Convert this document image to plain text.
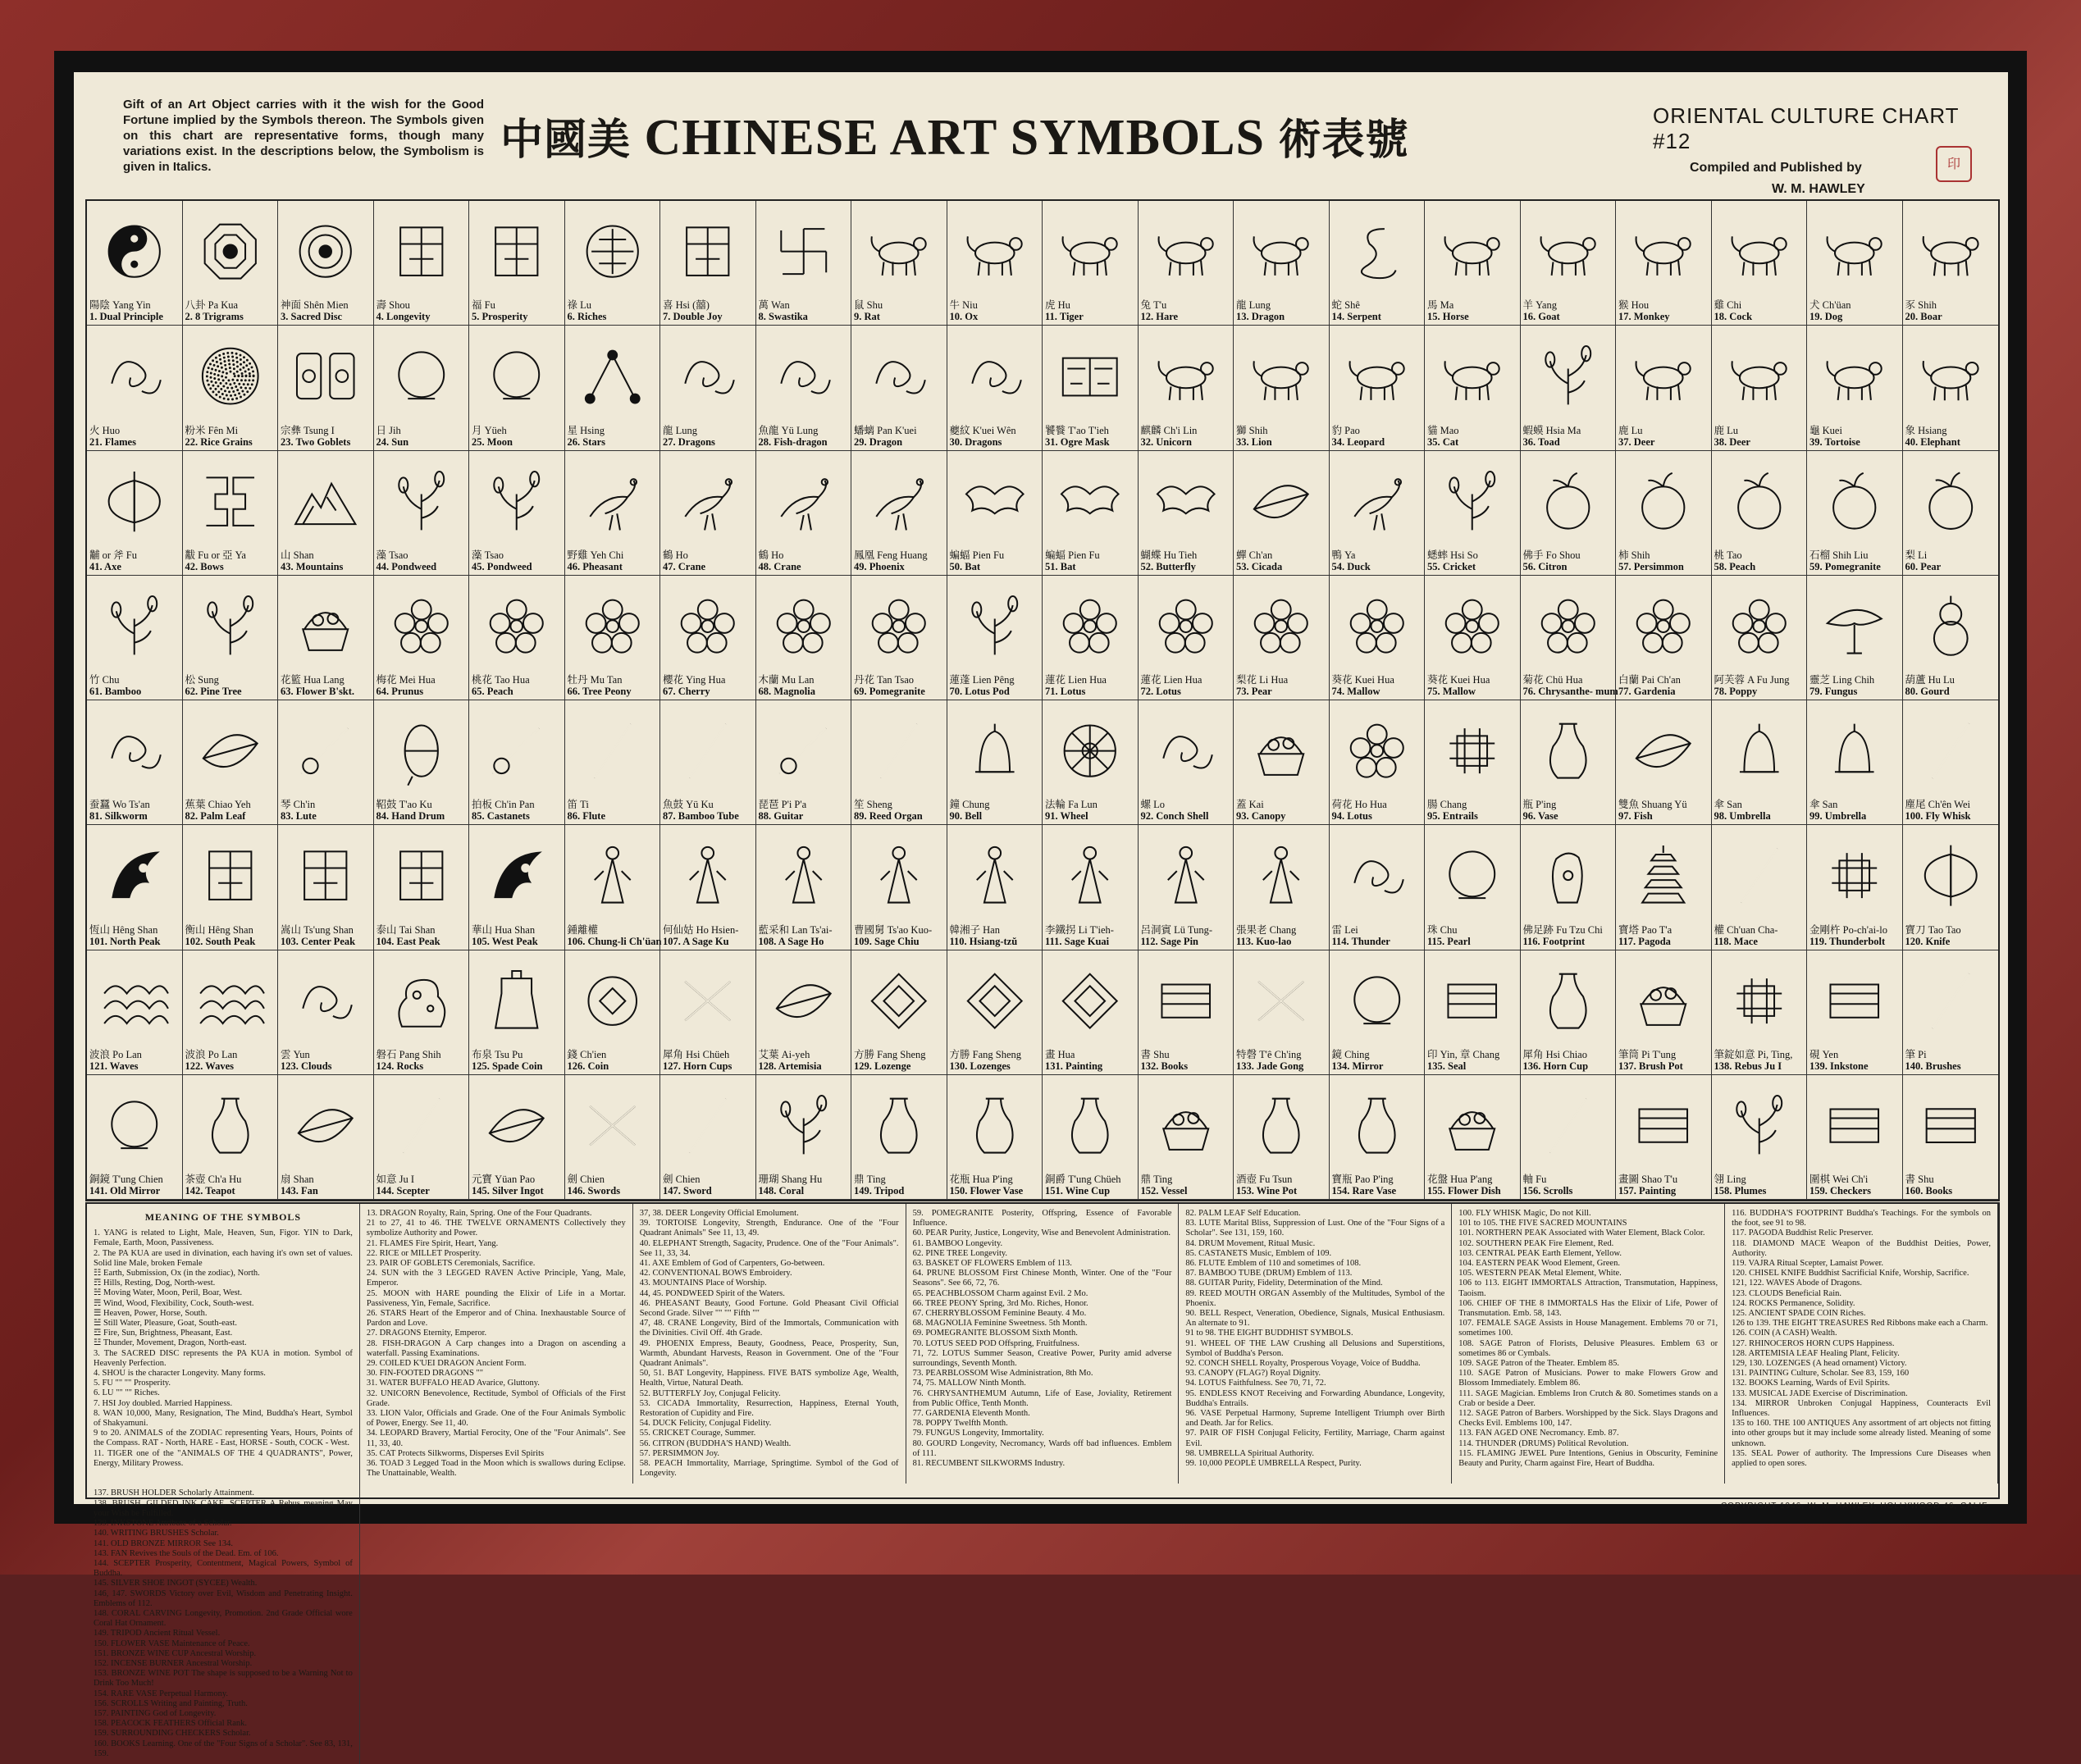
Gift of an Art Object carries with it the wish for the Good Fortune implied by the Symbols thereon. The Symbols given on this chart are representative forms, though many variations exist. In the descriptions below, the Symbolism is given in Italics.
中國美 CHINESE ART SYMBOLS 術表號	ORIENTAL CULTURE CHART #12
Compiled and Published by
W. M. HAWLEY
印
陽陰 Yang Yin
1. Dual Principle
八卦 Pa Kua
2. 8 Trigrams
神面 Shên Mien
3. Sacred Disc
壽 Shou
4. Longevity
福 Fu
5. Prosperity
祿 Lu
6. Riches
喜 Hsi (囍)
7. Double Joy
萬 Wan
8. Swastika
鼠 Shu
9. Rat
牛 Niu
10. Ox
虎 Hu
11. Tiger
兔 T'u
12. Hare
龍 Lung
13. Dragon
蛇 Shê
14. Serpent
馬 Ma
15. Horse
羊 Yang
16. Goat
猴 Hou
17. Monkey
雞 Chi
18. Cock
犬 Ch'üan
19. Dog
豕 Shih
20. Boar
火 Huo
21. Flames
粉米 Fên Mi
22. Rice Grains
宗彝 Tsung I
23. Two Goblets
日 Jih
24. Sun
月 Yüeh
25. Moon
星 Hsing
26. Stars
龍 Lung
27. Dragons
魚龍 Yü Lung
28. Fish-dragon
蟠螭 Pan K'uei
29. Dragon
夔紋 K'uei Wên
30. Dragons
饕餮 T'ao T'ieh
31. Ogre Mask
麒麟 Ch'i Lin
32. Unicorn
獅 Shih
33. Lion
豹 Pao
34. Leopard
貓 Mao
35. Cat
蝦蟆 Hsia Ma
36. Toad
鹿 Lu
37. Deer
鹿 Lu
38. Deer
龜 Kuei
39. Tortoise
象 Hsiang
40. Elephant
黼 or 斧 Fu
41. Axe
黻 Fu or 亞 Ya
42. Bows
山 Shan
43. Mountains
藻 Tsao
44. Pondweed
藻 Tsao
45. Pondweed
野雞 Yeh Chi
46. Pheasant
鶴 Ho
47. Crane
鶴 Ho
48. Crane
鳳凰 Feng Huang
49. Phoenix
蝙蝠 Pien Fu
50. Bat
蝙蝠 Pien Fu
51. Bat
蝴蝶 Hu Tieh
52. Butterfly
蟬 Ch'an
53. Cicada
鴨 Ya
54. Duck
蟋蟀 Hsi So
55. Cricket
佛手 Fo Shou
56. Citron
柿 Shih
57. Persimmon
桃 Tao
58. Peach
石榴 Shih Liu
59. Pomegranite
梨 Li
60. Pear
竹 Chu
61. Bamboo
松 Sung
62. Pine Tree
花籃 Hua Lang
63. Flower B'skt.
梅花 Mei Hua
64. Prunus
桃花 Tao Hua
65. Peach
牡丹 Mu Tan
66. Tree Peony
櫻花 Ying Hua
67. Cherry
木蘭 Mu Lan
68. Magnolia
丹花 Tan Tsao
69. Pomegranite
蓮蓬 Lien Pêng
70. Lotus Pod
蓮花 Lien Hua
71. Lotus
蓮花 Lien Hua
72. Lotus
梨花 Li Hua
73. Pear
葵花 Kuei Hua
74. Mallow
葵花 Kuei Hua
75. Mallow
菊花 Chü Hua
76. Chrysanthe- mum
白蘭 Pai Ch'an
77. Gardenia
阿芙蓉 A Fu Jung
78. Poppy
靈芝 Ling Chih
79. Fungus
葫蘆 Hu Lu
80. Gourd
蚕蠶 Wo Ts'an
81. Silkworm
蕉葉 Chiao Yeh
82. Palm Leaf
琴 Ch'in
83. Lute
鞀鼓 T'ao Ku
84. Hand Drum
拍板 Ch'in Pan
85. Castanets
笛 Ti
86. Flute
魚鼓 Yü Ku
87. Bamboo Tube
琵琶 P'i P'a
88. Guitar
笙 Sheng
89. Reed Organ
鐘 Chung
90. Bell
法輪 Fa Lun
91. Wheel
螺 Lo
92. Conch Shell
蓋 Kai
93. Canopy
荷花 Ho Hua
94. Lotus
腸 Chang
95. Entrails
瓶 P'ing
96. Vase
雙魚 Shuang Yü
97. Fish
傘 San
98. Umbrella
傘 San
99. Umbrella
塵尾 Ch'ên Wei
100. Fly Whisk
恆山 Hêng Shan
101. North Peak
衡山 Hêng Shan
102. South Peak
嵩山 Ts'ung Shan
103. Center Peak
泰山 Tai Shan
104. East Peak
華山 Hua Shan
105. West Peak
鍾離權
106. Chung-li Ch'üan
何仙姑 Ho Hsien-
107. A Sage Ku
藍采和 Lan Ts'ai-
108. A Sage Ho
曹國舅 Ts'ao Kuo-
109. Sage Chiu
韓湘子 Han
110. Hsiang-tzŭ
李鐵拐 Li T'ieh-
111. Sage Kuai
呂洞賓 Lü Tung-
112. Sage Pin
張果老 Chang
113. Kuo-lao
雷 Lei
114. Thunder
珠 Chu
115. Pearl
佛足跡 Fu Tzu Chi
116. Footprint
寶塔 Pao T'a
117. Pagoda
權 Ch'uan Cha-
118. Mace
金剛杵 Po-ch'ai-lo
119. Thunderbolt
寶刀 Tao Tao
120. Knife
波浪 Po Lan
121. Waves
波浪 Po Lan
122. Waves
雲 Yun
123. Clouds
磐石 Pang Shih
124. Rocks
布泉 Tsu Pu
125. Spade Coin
錢 Ch'ien
126. Coin
犀角 Hsi Chüeh
127. Horn Cups
艾葉 Ai-yeh
128. Artemisia
方勝 Fang Sheng
129. Lozenge
方勝 Fang Sheng
130. Lozenges
畫 Hua
131. Painting
書 Shu
132. Books
特磬 T'ê Ch'ing
133. Jade Gong
鏡 Ching
134. Mirror
印 Yin, 章 Chang
135. Seal
犀角 Hsi Chiao
136. Horn Cup
筆筒 Pi T'ung
137. Brush Pot
筆錠如意 Pi, Ting,
138. Rebus Ju I
硯 Yen
139. Inkstone
筆 Pi
140. Brushes
銅鏡 T'ung Chien
141. Old Mirror
茶壺 Ch'a Hu
142. Teapot
扇 Shan
143. Fan
如意 Ju I
144. Scepter
元寶 Yüan Pao
145. Silver Ingot
劍 Chien
146. Swords
劍 Chien
147. Sword
珊瑚 Shang Hu
148. Coral
鼎 Ting
149. Tripod
花瓶 Hua P'ing
150. Flower Vase
銅爵 T'ung Chüeh
151. Wine Cup
鼎 Ting
152. Vessel
酒壺 Fu Tsun
153. Wine Pot
寶瓶 Pao P'ing
154. Rare Vase
花盤 Hua P'ang
155. Flower Dish
軸 Fu
156. Scrolls
畫圖 Shao T'u
157. Painting
翎 Ling
158. Plumes
圍棋 Wei Ch'i
159. Checkers
書 Shu
160. Books

MEANING OF THE SYMBOLS

1. YANG is related to Light, Male, Heaven, Sun, Figor. YIN to Dark, Female, Earth, Moon, Passiveness.

2. The PA KUA are used in divination, each having it's own set of values. Solid line Male, broken Female

☷ Earth, Submission, Ox (in the zodiac), North.

☶ Hills, Resting, Dog, North-west.

☵ Moving Water, Moon, Peril, Boar, West.

☴ Wind, Wood, Flexibility, Cock, South-west.

☰ Heaven, Power, Horse, South.

☱ Still Water, Pleasure, Goat, South-east.

☲ Fire, Sun, Brightness, Pheasant, East.

☳ Thunder, Movement, Dragon, North-east.

3. The SACRED DISC represents the PA KUA in motion. Symbol of Heavenly Perfection.

4. SHOU is the character Longevity. Many forms.

5. FU "" "" Prosperity.

6. LU "" "" Riches.

7. HSI Joy doubled. Married Happiness.

8. WAN 10,000, Many, Resignation, The Mind, Buddha's Heart, Symbol of Shakyamuni.

9 to 20. ANIMALS of the ZODIAC representing Years, Hours, Points of the Compass. RAT - North, HARE - East, HORSE - South, COCK - West.

11. TIGER one of the "ANIMALS OF THE 4 QUADRANTS", Power, Energy, Military Prowess.

13. DRAGON Royalty, Rain, Spring. One of the Four Quadrants.

21 to 27, 41 to 46. THE TWELVE ORNAMENTS Collectively they symbolize Authority and Power.

21. FLAMES Fire Spirit, Heart, Yang.

22. RICE or MILLET Prosperity.

23. PAIR OF GOBLETS Ceremonials, Sacrifice.

24. SUN with the 3 LEGGED RAVEN Active Principle, Yang, Male, Emperor.

25. MOON with HARE pounding the Elixir of Life in a Mortar. Passiveness, Yin, Female, Sacrifice.

26. STARS Heart of the Emperor and of China. Inexhaustable Source of Pardon and Love.

27. DRAGONS Eternity, Emperor.

28. FISH-DRAGON A Carp changes into a Dragon on ascending a waterfall. Passing Examinations.

29. COILED K'UEI DRAGON Ancient Form.

30. FIN-FOOTED DRAGONS ""

31. WATER BUFFALO HEAD Avarice, Gluttony.

32. UNICORN Benevolence, Rectitude, Symbol of Officials of the First Grade.

33. LION Valor, Officials and Grade. One of the Four Animals Symbolic of Power, Energy. See 11, 40.

34. LEOPARD Bravery, Martial Ferocity, One of the "Four Animals". See 11, 33, 40.

35. CAT Protects Silkworms, Disperses Evil Spirits

36. TOAD 3 Legged Toad in the Moon which is swallows during Eclipse. The Unattainable, Wealth.

37, 38. DEER Longevity Official Emolument.

39. TORTOISE Longevity, Strength, Endurance. One of the "Four Quadrant Animals" See 11, 13, 49.

40. ELEPHANT Strength, Sagacity, Prudence. One of the "Four Animals". See 11, 33, 34.

41. AXE Emblem of God of Carpenters, Go-between.

42. CONVENTIONAL BOWS Embroidery.

43. MOUNTAINS Place of Worship.

44, 45. PONDWEED Spirit of the Waters.

46. PHEASANT Beauty, Good Fortune. Gold Pheasant Civil Official Second Grade. Silver "" "" Fifth ""

47, 48. CRANE Longevity, Bird of the Immortals, Communication with the Divinities. Civil Off. 4th Grade.

49. PHOENIX Empress, Beauty, Goodness, Peace, Prosperity, Sun, Warmth, Abundant Harvests, Reason in Government. One of the "Four Quadrant Animals".

50, 51. BAT Longevity, Happiness. FIVE BATS symbolize Age, Wealth, Health, Virtue, Natural Death.

52. BUTTERFLY Joy, Conjugal Felicity.

53. CICADA Immortality, Resurrection, Happiness, Eternal Youth, Restoration of Cupidity and Fire.

54. DUCK Felicity, Conjugal Fidelity.

55. CRICKET Courage, Summer.

56. CITRON (BUDDHA'S HAND) Wealth.

57. PERSIMMON Joy.

58. PEACH Immortality, Marriage, Springtime. Symbol of the God of Longevity.

59. POMEGRANITE Posterity, Offspring, Essence of Favorable Influence.

60. PEAR Purity, Justice, Longevity, Wise and Benevolent Administration.

61. BAMBOO Longevity.

62. PINE TREE Longevity.

63. BASKET OF FLOWERS Emblem of 113.

64. PRUNE BLOSSOM First Chinese Month, Winter. One of the "Four Seasons". See 66, 72, 76.

65. PEACHBLOSSOM Charm against Evil. 2 Mo.

66. TREE PEONY Spring, 3rd Mo. Riches, Honor.

67. CHERRYBLOSSOM Feminine Beauty. 4 Mo.

68. MAGNOLIA Feminine Sweetness. 5th Month.

69. POMEGRANITE BLOSSOM Sixth Month.

70. LOTUS SEED POD Offspring, Fruitfulness.

71, 72. LOTUS Summer Season, Creative Power, Purity amid adverse surroundings, Seventh Month.

73. PEARBLOSSOM Wise Administration, 8th Mo.

74, 75. MALLOW Ninth Month.

76. CHRYSANTHEMUM Autumn, Life of Ease, Joviality, Retirement from Public Office, Tenth Month.

77. GARDENIA Eleventh Month.

78. POPPY Twelfth Month.

79. FUNGUS Longevity, Immortality.

80. GOURD Longevity, Necromancy, Wards off bad influences. Emblem of 111.

81. RECUMBENT SILKWORMS Industry.

82. PALM LEAF Self Education.

83. LUTE Marital Bliss, Suppression of Lust. One of the "Four Signs of a Scholar". See 131, 159, 160.

84. DRUM Movement, Ritual Music.

85. CASTANETS Music, Emblem of 109.

86. FLUTE Emblem of 110 and sometimes of 108.

87. BAMBOO TUBE (DRUM) Emblem of 113.

88. GUITAR Purity, Fidelity, Determination of the Mind.

89. REED MOUTH ORGAN Assembly of the Multitudes, Symbol of the Phoenix.

90. BELL Respect, Veneration, Obedience, Signals, Musical Enthusiasm. An alternate to 91.

91 to 98. THE EIGHT BUDDHIST SYMBOLS.

91. WHEEL OF THE LAW Crushing all Delusions and Superstitions, Symbol of Buddha's Person.

92. CONCH SHELL Royalty, Prosperous Voyage, Voice of Buddha.

93. CANOPY (FLAG?) Royal Dignity.

94. LOTUS Faithfulness. See 70, 71, 72.

95. ENDLESS KNOT Receiving and Forwarding Abundance, Longevity, Buddha's Entrails.

96. VASE Perpetual Harmony, Supreme Intelligent Triumph over Birth and Death. Jar for Relics.

97. PAIR OF FISH Conjugal Felicity, Fertility, Marriage, Charm against Evil.

98. UMBRELLA Spiritual Authority.

99. 10,000 PEOPLE UMBRELLA Respect, Purity.

100. FLY WHISK Magic, Do not Kill.

101 to 105. THE FIVE SACRED MOUNTAINS

101. NORTHERN PEAK Associated with Water Element, Black Color.

102. SOUTHERN PEAK Fire Element, Red.

103. CENTRAL PEAK Earth Element, Yellow.

104. EASTERN PEAK Wood Element, Green.

105. WESTERN PEAK Metal Element, White.

106 to 113. EIGHT IMMORTALS Attraction, Transmutation, Happiness, Taoism.

106. CHIEF OF THE 8 IMMORTALS Has the Elixir of Life, Power of Transmutation. Emb. 58, 143.

107. FEMALE SAGE Assists in House Management. Emblems 70 or 71, sometimes 100.

108. SAGE Patron of Florists, Delusive Pleasures. Emblem 63 or sometimes 86 or Cymbals.

109. SAGE Patron of the Theater. Emblem 85.

110. SAGE Patron of Musicians. Power to make Flowers Grow and Blossom Immediately. Emblem 86.

111. SAGE Magician. Emblems Iron Crutch & 80. Sometimes stands on a Crab or beside a Deer.

112. SAGE Patron of Barbers. Worshipped by the Sick. Slays Dragons and Checks Evil. Emblems 100, 147.

113. FAN AGED ONE Necromancy. Emb. 87.

114. THUNDER (DRUMS) Political Revolution.

115. FLAMING JEWEL Pure Intentions, Genius in Obscurity, Feminine Beauty and Purity, Charm against Fire, Heart of Buddha.

116. BUDDHA'S FOOTPRINT Buddha's Teachings. For the symbols on the foot, see 91 to 98.

117. PAGODA Buddhist Relic Preserver.

118. DIAMOND MACE Weapon of the Buddhist Deities, Power, Authority.

119. VAJRA Ritual Scepter, Lamaist Power.

120. CHISEL KNIFE Buddhist Sacrificial Knife, Worship, Sacrifice.

121, 122. WAVES Abode of Dragons.

123. CLOUDS Beneficial Rain.

124. ROCKS Permanence, Solidity.

125. ANCIENT SPADE COIN Riches.

126 to 139. THE EIGHT TREASURES Red Ribbons make each a Charm.

126. COIN (A CASH) Wealth.

127. RHINOCEROS HORN CUPS Happiness.

128. ARTEMISIA LEAF Healing Plant, Felicity.

129, 130. LOZENGES (A head ornament) Victory.

131. PAINTING Culture, Scholar. See 83, 159, 160

132. BOOKS Learning, Wards of Evil Spirits.

133. MUSICAL JADE Exercise of Discrimination.

134. MIRROR Unbroken Conjugal Happiness, Counteracts Evil Influences.

135 to 160. THE 100 ANTIQUES Any assortment of art objects not fitting into other groups but it may include some already listed. Meaning of some unknown.

135. SEAL Power of authority. The Impressions Cure Diseases when applied to open sores.

137. BRUSH HOLDER Scholarly Attainment.

138. BRUSH, GILDED INK CAKE, SCEPTER A Rebus meaning May your Wish be Fulfilled.

139. INKSTONE Attribute of a Scholar.

140. WRITING BRUSHES Scholar.

141. OLD BRONZE MIRROR See 134.

143. FAN Revives the Souls of the Dead. Em. of 106.

144. SCEPTER Prosperity, Contentment, Magical Powers, Symbol of Buddha.

145. SILVER SHOE INGOT (SYCEE) Wealth.

146, 147. SWORDS Victory over Evil, Wisdom and Penetrating Insight. Emblems of 112.

148. CORAL CARVING Longevity, Promotion. 2nd Grade Official wore Coral Hat Ornament.

149. TRIPOD Ancient Ritual Vessel.

150. FLOWER VASE Maintenance of Peace.

151. BRONZE WINE CUP Ancestral Worship.

152. INCENSE BURNER Ancestral Worship.

153. BRONZE WINE POT The shape is supposed to be a Warning Not to Drink Too Much!

154. RARE VASE Perpetual Harmony.

156. SCROLLS Writing and Painting, Truth.

157. PAINTING God of Longevity.

158. PEACOCK FEATHERS Official Rank.

159. SURROUNDING CHECKERS Scholar.

160. BOOKS Learning. One of the "Four Signs of a Scholar". See 83, 131, 159.

COPYRIGHT 1946, W. M. HAWLEY, HOLLYWOOD 46, CALIF.
